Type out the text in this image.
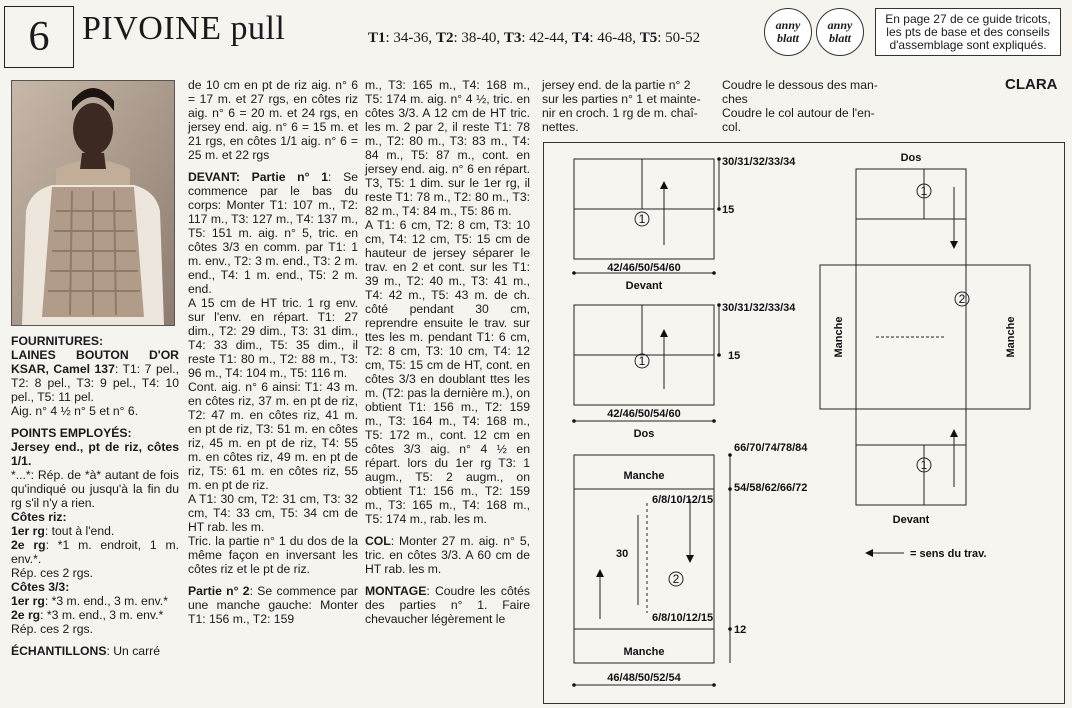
6 PIVOINE pull	T1: 34-36, T2: 38-40, T3: 42-44, T4: 46-48, T5: 50-52
anny
blatt
anny
blatt
En page 27 de ce guide tricots,
les pts de base et des conseils
d'assemblage sont expliqués.

FOURNITURES:

LAINES BOUTON D'OR KSAR, Camel 137: T1: 7 pel., T2: 8 pel., T3: 9 pel., T4: 10 pel., T5: 11 pel.

Aig. n° 4 ½ n° 5 et n° 6.

POINTS EMPLOYÉS:

Jersey end., pt de riz, côtes 1/1.

*...*: Rép. de *à* autant de fois qu'indiqué ou jusqu'à la fin du rg s'il n'y a rien.

Côtes riz:

1er rg: tout à l'end.

2e rg: *1 m. endroit, 1 m. env.*.

Rép. ces 2 rgs.

Côtes 3/3:

1er rg: *3 m. end., 3 m. env.*

2e rg: *3 m. end., 3 m. env.*

Rép. ces 2 rgs.

ÉCHANTILLONS: Un carré

de 10 cm en pt de riz aig. n° 6 = 17 m. et 27 rgs, en côtes riz aig. n° 6 = 20 m. et 24 rgs, en jersey end. aig. n° 6 = 15 m. et 21 rgs, en côtes 1/1 aig. n° 6 = 25 m. et 22 rgs

DEVANT: Partie n° 1: Se commence par le bas du corps: Monter T1: 107 m., T2: 117 m., T3: 127 m., T4: 137 m., T5: 151 m. aig. n° 5, tric. en côtes 3/3 en comm. par T1: 1 m. env., T2: 3 m. end., T3: 2 m. end., T4: 1 m. end., T5: 2 m. end.

A 15 cm de HT tric. 1 rg env. sur l'env. en répart. T1: 27 dim., T2: 29 dim., T3: 31 dim., T4: 33 dim., T5: 35 dim., il reste T1: 80 m., T2: 88 m., T3: 96 m., T4: 104 m., T5: 116 m.

Cont. aig. n° 6 ainsi: T1: 43 m. en côtes riz, 37 m. en pt de riz, T2: 47 m. en côtes riz, 41 m. en pt de riz, T3: 51 m. en côtes riz, 45 m. en pt de riz, T4: 55 m. en côtes riz, 49 m. en pt de riz, T5: 61 m. en côtes riz, 55 m. en pt de riz.

A T1: 30 cm, T2: 31 cm, T3: 32 cm, T4: 33 cm, T5: 34 cm de HT rab. les m.

Tric. la partie n° 1 du dos de la même façon en inversant les côtes riz et le pt de riz.

Partie n° 2: Se commence par une manche gauche: Monter T1: 156 m., T2: 159

m., T3: 165 m., T4: 168 m., T5: 174 m. aig. n° 4 ½, tric. en côtes 3/3. A 12 cm de HT tric. les m. 2 par 2, il reste T1: 78 m., T2: 80 m., T3: 83 m., T4: 84 m., T5: 87 m., cont. en jersey end. aig. n° 6 en répart. T3, T5: 1 dim. sur le 1er rg, il reste T1: 78 m., T2: 80 m., T3: 82 m., T4: 84 m., T5: 86 m.

A T1: 6 cm, T2: 8 cm, T3: 10 cm, T4: 12 cm, T5: 15 cm de hauteur de jersey séparer le trav. en 2 et cont. sur les T1: 39 m., T2: 40 m., T3: 41 m., T4: 42 m., T5: 43 m. de ch. côté pendant 30 cm, reprendre ensuite le trav. sur ttes les m. pendant T1: 6 cm, T2: 8 cm, T3: 10 cm, T4: 12 cm, T5: 15 cm de HT, cont. en côtes 3/3 en doublant ttes les m. (T2: pas la dernière m.), on obtient T1: 156 m., T2: 159 m., T3: 164 m., T4: 168 m., T5: 172 m., cont. 12 cm en côtes 3/3 aig. n° 4 ½ en répart. lors du 1er rg T3: 1 augm., T5: 2 augm., on obtient T1: 156 m., T2: 159 m., T3: 165 m., T4: 168 m., T5: 174 m., rab. les m.

COL: Monter 27 m. aig. n° 5, tric. en côtes 3/3. A 60 cm de HT rab. les m.

MONTAGE: Coudre les côtés des parties n° 1. Faire chevaucher légèrement le

jersey end. de la partie n° 2

sur les parties n° 1 et mainte-

nir en croch. 1 rg de m. chaî-

nettes.

Coudre le dessous des man-

ches

Coudre le col autour de l'en-

col.

CLARA
30/31/32/33/34
15
42/46/50/54/60
Devant
30/31/32/33/34
15
42/46/50/54/60
Dos
66/70/74/78/84
54/58/62/66/72
6/8/10/12/15
6/8/10/12/15
30
12
Manche
Manche
46/48/50/52/54
Dos
Devant
Manche	Manche
= sens du trav.
1
1
2
1
2
1
